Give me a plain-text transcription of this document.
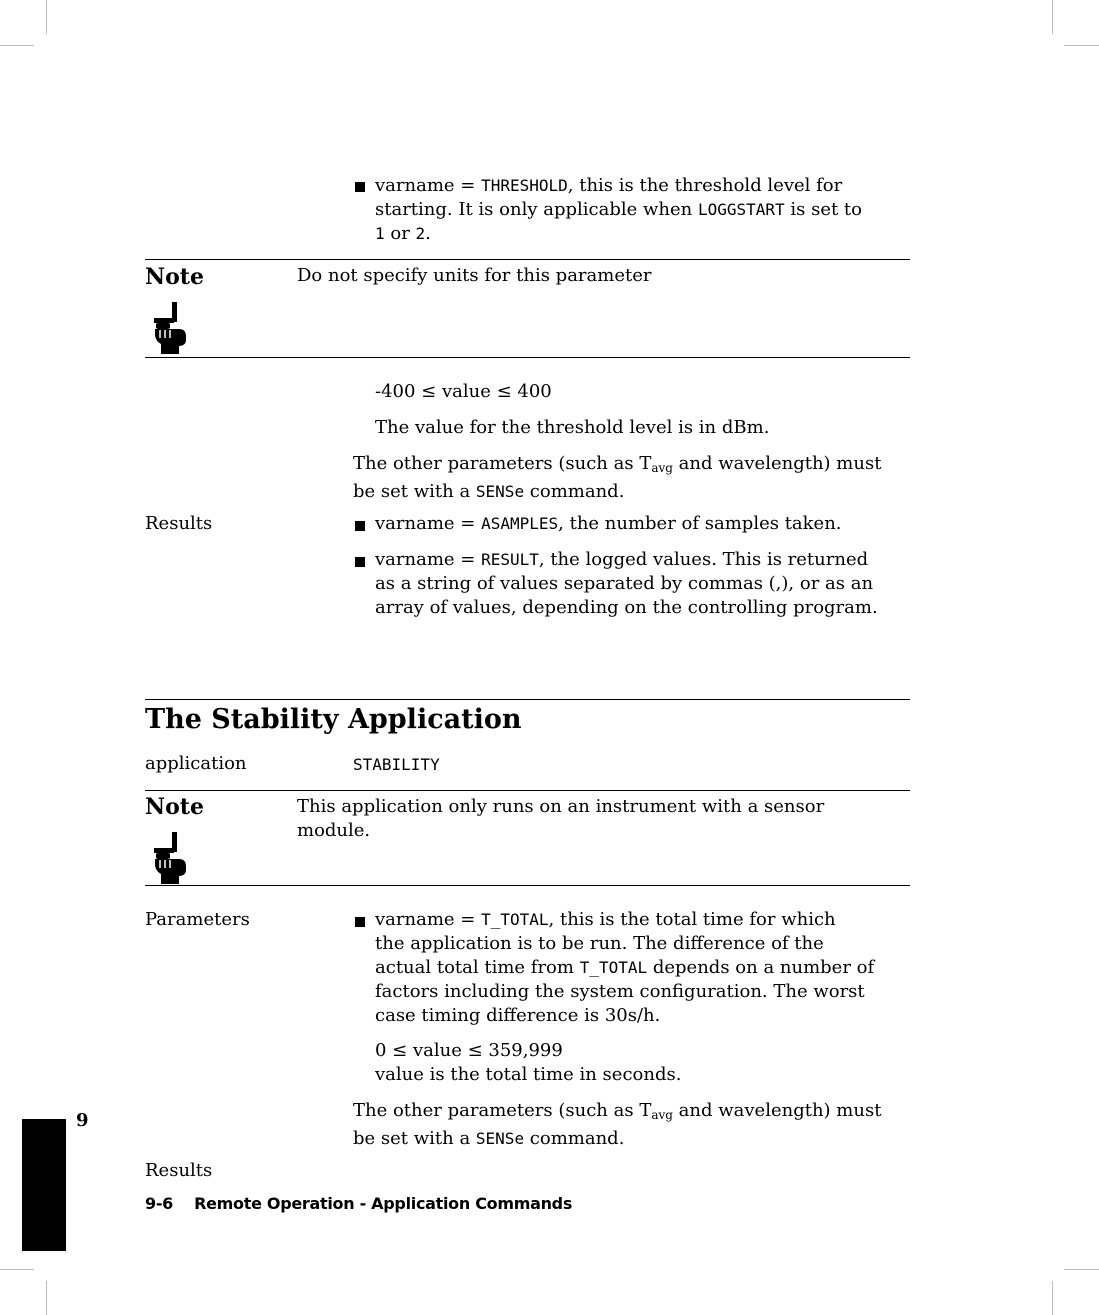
varname = THRESHOLD, this is the threshold level for
starting. It is only applicable when LOGGSTART is set to
1 or 2.
Note	Do not specify units for this parameter
-400 ≤ value ≤ 400
The value for the threshold level is in dBm.
The other parameters (such as $T_{avg}$ and wavelength) must
be set with a SENSe command.
Results	varname = ASAMPLES, the number of samples taken.
varname = RESULT, the logged values. This is returned
as a string of values separated by commas (,), or as an
array of values, depending on the controlling program.
The Stability Application
application	STABILITY
Note	This application only runs on an instrument with a sensor
module.
Parameters	varname = T_TOTAL, this is the total time for which
the application is to be run. The difference of the
actual total time from T_TOTAL depends on a number of
factors including the system configuration. The worst
case timing difference is 30s/h.
0 ≤ value ≤ 359,999
value is the total time in seconds.
The other parameters (such as $T_{avg}$ and wavelength) must
be set with a SENSe command.
Results
9
9-6    Remote Operation - Application Commands
